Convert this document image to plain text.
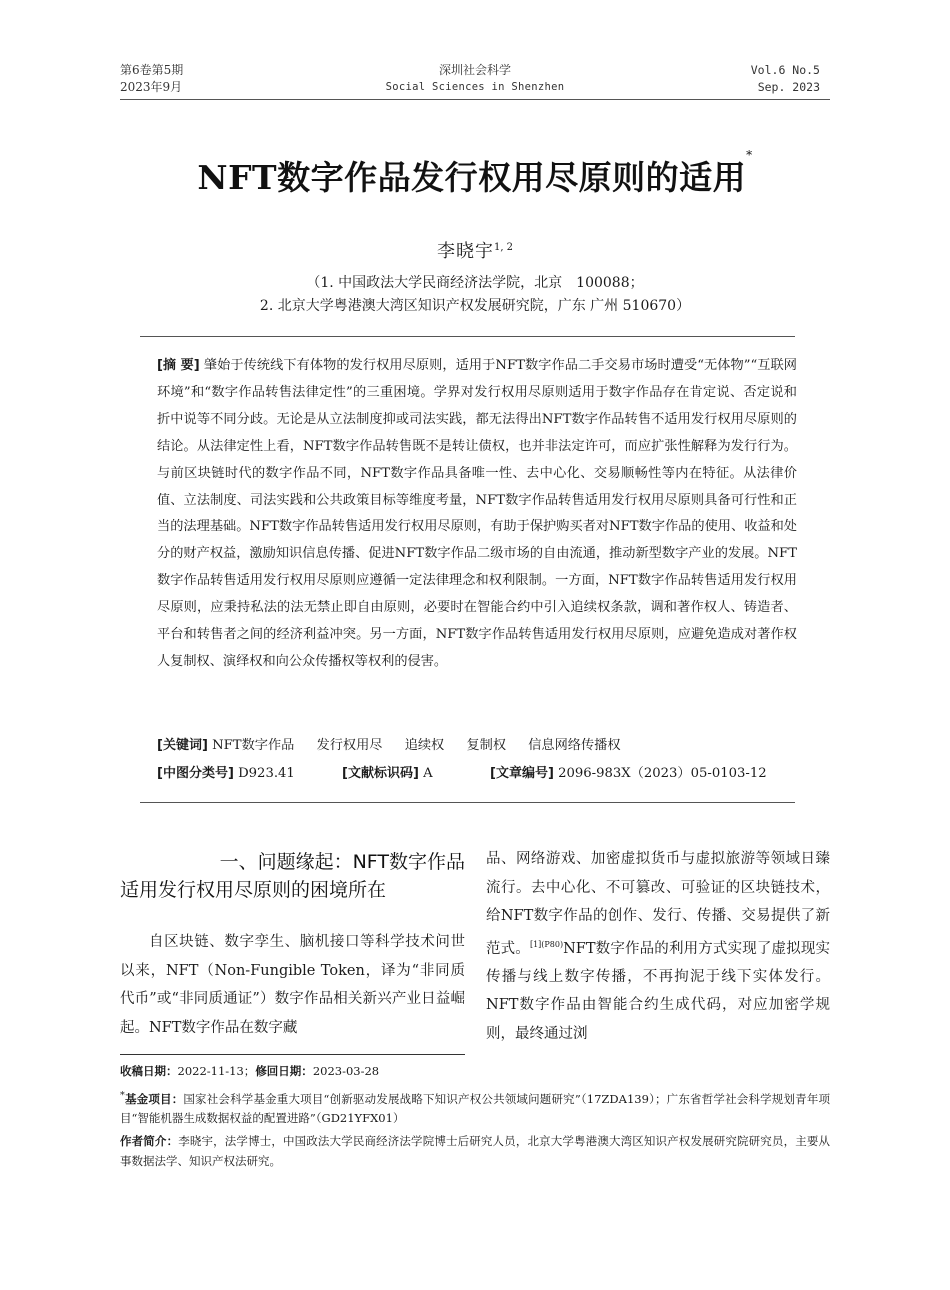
第6卷第5期
2023年9月
深圳社会科学
Social Sciences in Shenzhen
Vol.6 No.5
Sep. 2023
NFT数字作品发行权用尽原则的适用*
李晓宇$^{1, 2}$
（1. 中国政法大学民商经济法学院，北京　100088；
2. 北京大学粤港澳大湾区知识产权发展研究院，广东 广州 510670）
[摘 要] 肇始于传统线下有体物的发行权用尽原则，适用于NFT数字作品二手交易市场时遭受“无体物”“互联网环境”和“数字作品转售法律定性”的三重困境。学界对发行权用尽原则适用于数字作品存在肯定说、否定说和折中说等不同分歧。无论是从立法制度抑或司法实践，都无法得出NFT数字作品转售不适用发行权用尽原则的结论。从法律定性上看，NFT数字作品转售既不是转让债权，也并非法定许可，而应扩张性解释为发行行为。与前区块链时代的数字作品不同，NFT数字作品具备唯一性、去中心化、交易顺畅性等内在特征。从法律价值、立法制度、司法实践和公共政策目标等维度考量，NFT数字作品转售适用发行权用尽原则具备可行性和正当的法理基础。NFT数字作品转售适用发行权用尽原则，有助于保护购买者对NFT数字作品的使用、收益和处分的财产权益，激励知识信息传播、促进NFT数字作品二级市场的自由流通，推动新型数字产业的发展。NFT数字作品转售适用发行权用尽原则应遵循一定法律理念和权利限制。一方面，NFT数字作品转售适用发行权用尽原则，应秉持私法的法无禁止即自由原则，必要时在智能合约中引入追续权条款，调和著作权人、铸造者、平台和转售者之间的经济利益冲突。另一方面，NFT数字作品转售适用发行权用尽原则，应避免造成对著作权人复制权、演绎权和向公众传播权等权利的侵害。
[关键词] NFT数字作品 发行权用尽 追续权 复制权 信息网络传播权
[中图分类号] D923.41	[文献标识码] A	[文章编号] 2096-983X（2023）05-0103-12
一、问题缘起：NFT数字作品
适用发行权用尽原则的困境所在
自区块链、数字孪生、脑机接口等科学技术问世以来，NFT（Non-Fungible Token，译为“非同质代币”或“非同质通证”）数字作品相关新兴产业日益崛起。NFT数字作品在数字藏
品、网络游戏、加密虚拟货币与虚拟旅游等领域日臻流行。去中心化、不可篡改、可验证的区块链技术，给NFT数字作品的创作、发行、传播、交易提供了新范式。$^{[1](P80)}$NFT数字作品的利用方式实现了虚拟现实传播与线上数字传播，不再拘泥于线下实体发行。NFT数字作品由智能合约生成代码，对应加密学规则，最终通过浏
收稿日期：2022-11-13；修回日期：2023-03-28
*基金项目：国家社会科学基金重大项目“创新驱动发展战略下知识产权公共领域问题研究”（17ZDA139）；广东省哲学社会科学规划青年项目“智能机器生成数据权益的配置进路”（GD21YFX01）
作者简介：李晓宇，法学博士，中国政法大学民商经济法学院博士后研究人员，北京大学粤港澳大湾区知识产权发展研究院研究员，主要从事数据法学、知识产权法研究。
